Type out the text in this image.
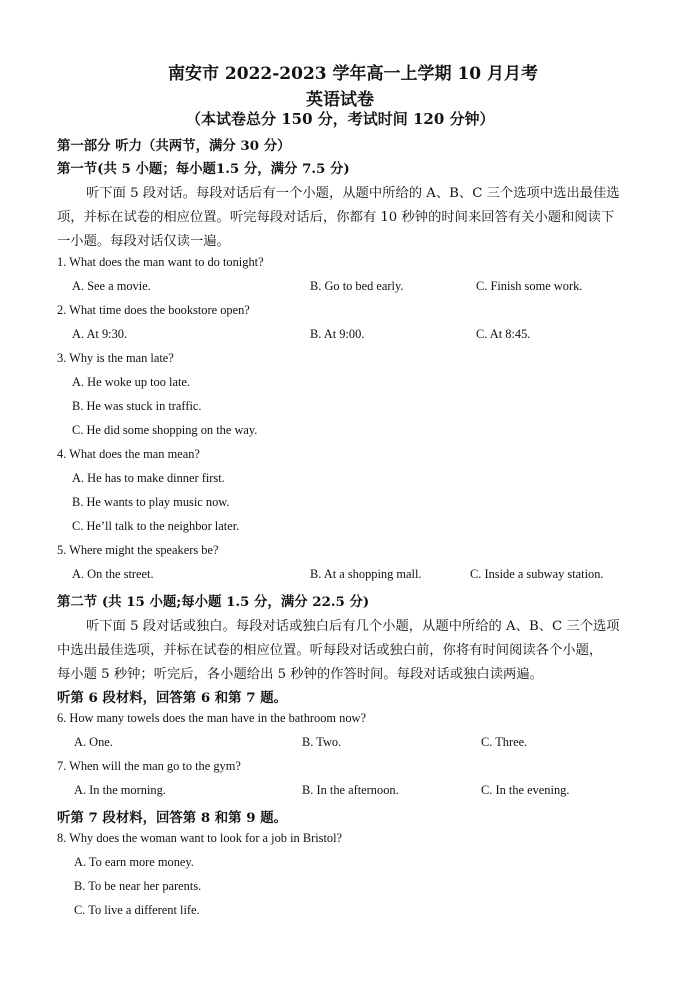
南安市 2022-2023 学年高一上学期 10 月月考
英语试卷
（本试卷总分 150 分，考试时间 120 分钟）
第一部分 听力（共两节，满分 30 分）
第一节(共 5 小题；每小题1.5 分，满分 7.5 分)
听下面 5 段对话。每段对话后有一个小题，从题中所给的 A、B、C 三个选项中选出最佳选
项，并标在试卷的相应位置。听完每段对话后，你都有 10 秒钟的时间来回答有关小题和阅读下
一小题。每段对话仅读一遍。
1. What does the man want to do tonight?
A. See a movie.	B. Go to bed early.	C. Finish some work.
2. What time does the bookstore open?
A. At 9:30.	B. At 9:00.	C. At 8:45.
3. Why is the man late?
A. He woke up too late.
B. He was stuck in traffic.
C. He did some shopping on the way.
4. What does the man mean?
A. He has to make dinner first.
B. He wants to play music now.
C. He’ll talk to the neighbor later.
5. Where might the speakers be?
A. On the street.	B. At a shopping mall.	C. Inside a subway station.
第二节 (共 15 小题;每小题 1.5 分，满分 22.5 分)
听下面 5 段对话或独白。每段对话或独白后有几个小题，从题中所给的 A、B、C 三个选项
中选出最佳选项，并标在试卷的相应位置。听每段对话或独白前，你将有时间阅读各个小题，
每小题 5 秒钟；听完后，各小题给出 5 秒钟的作答时间。每段对话或独白读两遍。
听第 6 段材料，回答第 6 和第 7 题。
6. How many towels does the man have in the bathroom now?
A. One.	B. Two.	C. Three.
7. When will the man go to the gym?
A. In the morning.	B. In the afternoon.	C. In the evening.
听第 7 段材料，回答第 8 和第 9 题。
8. Why does the woman want to look for a job in Bristol?
A. To earn more money.
B. To be near her parents.
C. To live a different life.
